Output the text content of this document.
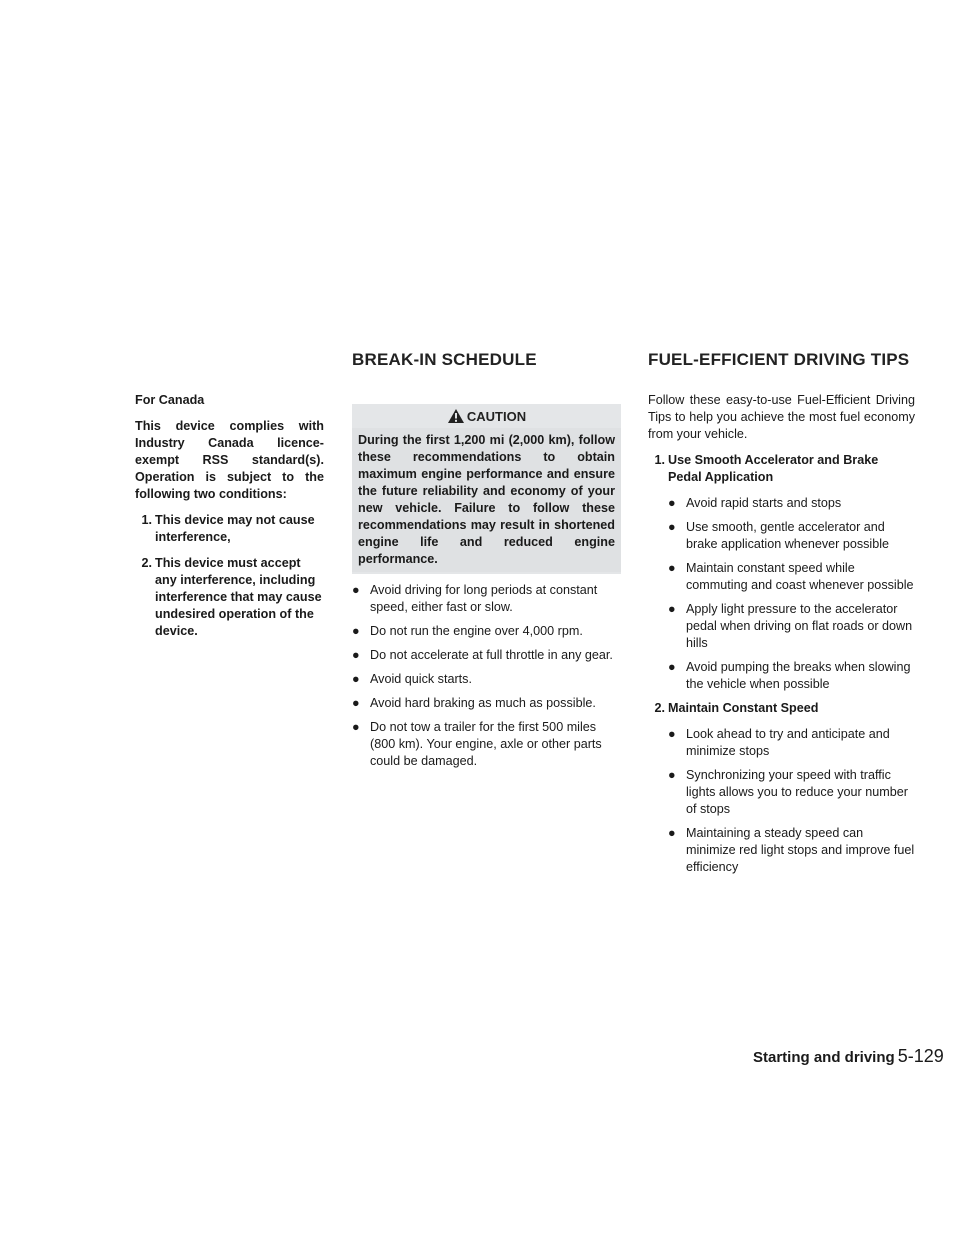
BREAK-IN SCHEDULE	FUEL-EFFICIENT DRIVING TIPS

For Canada

This device complies with Industry Canada licence-exempt RSS standard(s). Operation is subject to the following two conditions:

1. This device may not cause interference,
2. This device must accept any interference, including interference that may cause undesired operation of the device.
CAUTION
During the first 1,200 mi (2,000 km), follow these recommendations to obtain maximum engine performance and ensure the future reliability and economy of your new vehicle. Failure to follow these recommendations may result in shortened engine life and reduced engine performance.
● Avoid driving for long periods at constant speed, either fast or slow.
● Do not run the engine over 4,000 rpm.
● Do not accelerate at full throttle in any gear.
● Avoid quick starts.
● Avoid hard braking as much as possible.
● Do not tow a trailer for the first 500 miles (800 km). Your engine, axle or other parts could be damaged.

Follow these easy-to-use Fuel-Efficient Driving Tips to help you achieve the most fuel economy from your vehicle.

1. Use Smooth Accelerator and Brake Pedal Application
● Avoid rapid starts and stops
● Use smooth, gentle accelerator and brake application whenever possible
● Maintain constant speed while commuting and coast whenever possible
● Apply light pressure to the accelerator pedal when driving on flat roads or down hills
● Avoid pumping the breaks when slowing the vehicle when possible
2. Maintain Constant Speed
● Look ahead to try and anticipate and minimize stops
● Synchronizing your speed with traffic lights allows you to reduce your number of stops
● Maintaining a steady speed can minimize red light stops and improve fuel efficiency
Starting and driving 5-129
